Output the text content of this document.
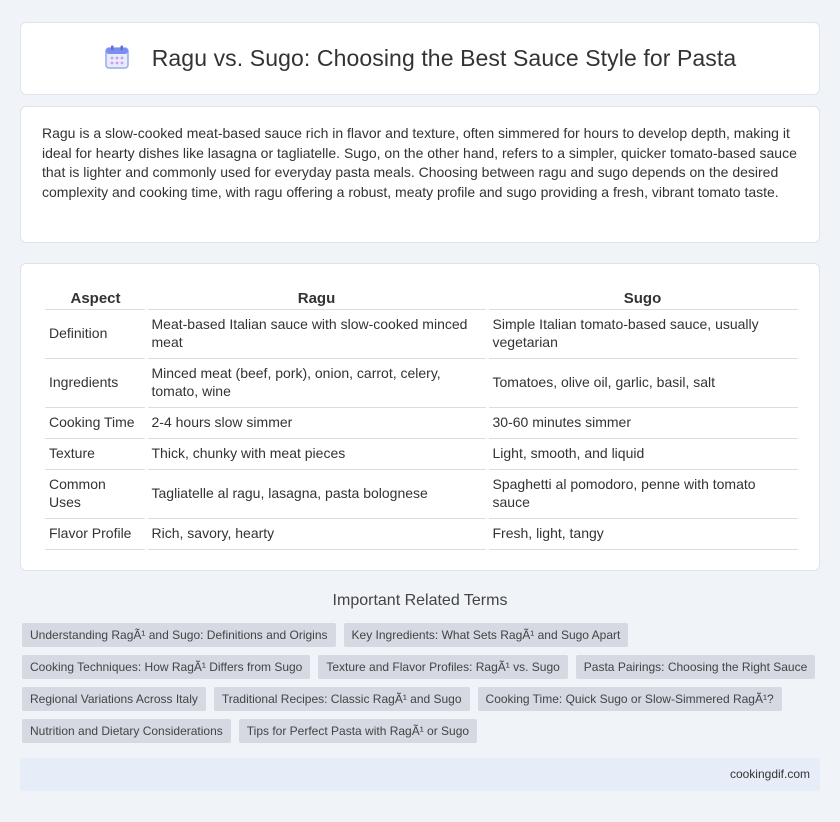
Ragu vs. Sugo: Choosing the Best Sauce Style for Pasta

Ragu is a slow-cooked meat-based sauce rich in flavor and texture, often simmered for hours to develop depth, making it ideal for hearty dishes like lasagna or tagliatelle. Sugo, on the other hand, refers to a simpler, quicker tomato-based sauce that is lighter and commonly used for everyday pasta meals. Choosing between ragu and sugo depends on the desired complexity and cooking time, with ragu offering a robust, meaty profile and sugo providing a fresh, vibrant tomato taste.

Aspect	Ragu	Sugo
Definition	Meat-based Italian sauce with slow-cooked minced meat	Simple Italian tomato-based sauce, usually vegetarian
Ingredients	Minced meat (beef, pork), onion, carrot, celery, tomato, wine	Tomatoes, olive oil, garlic, basil, salt
Cooking Time	2-4 hours slow simmer	30-60 minutes simmer
Texture	Thick, chunky with meat pieces	Light, smooth, and liquid
Common Uses	Tagliatelle al ragu, lasagna, pasta bolognese	Spaghetti al pomodoro, penne with tomato sauce
Flavor Profile	Rich, savory, hearty	Fresh, light, tangy
Important Related Terms
Understanding RagÃ¹ and Sugo: Definitions and Origins	Key Ingredients: What Sets RagÃ¹ and Sugo Apart
Cooking Techniques: How RagÃ¹ Differs from Sugo	Texture and Flavor Profiles: RagÃ¹ vs. Sugo	Pasta Pairings: Choosing the Right Sauce
Regional Variations Across Italy	Traditional Recipes: Classic RagÃ¹ and Sugo	Cooking Time: Quick Sugo or Slow-Simmered RagÃ¹?
Nutrition and Dietary Considerations	Tips for Perfect Pasta with RagÃ¹ or Sugo
cookingdif.com
